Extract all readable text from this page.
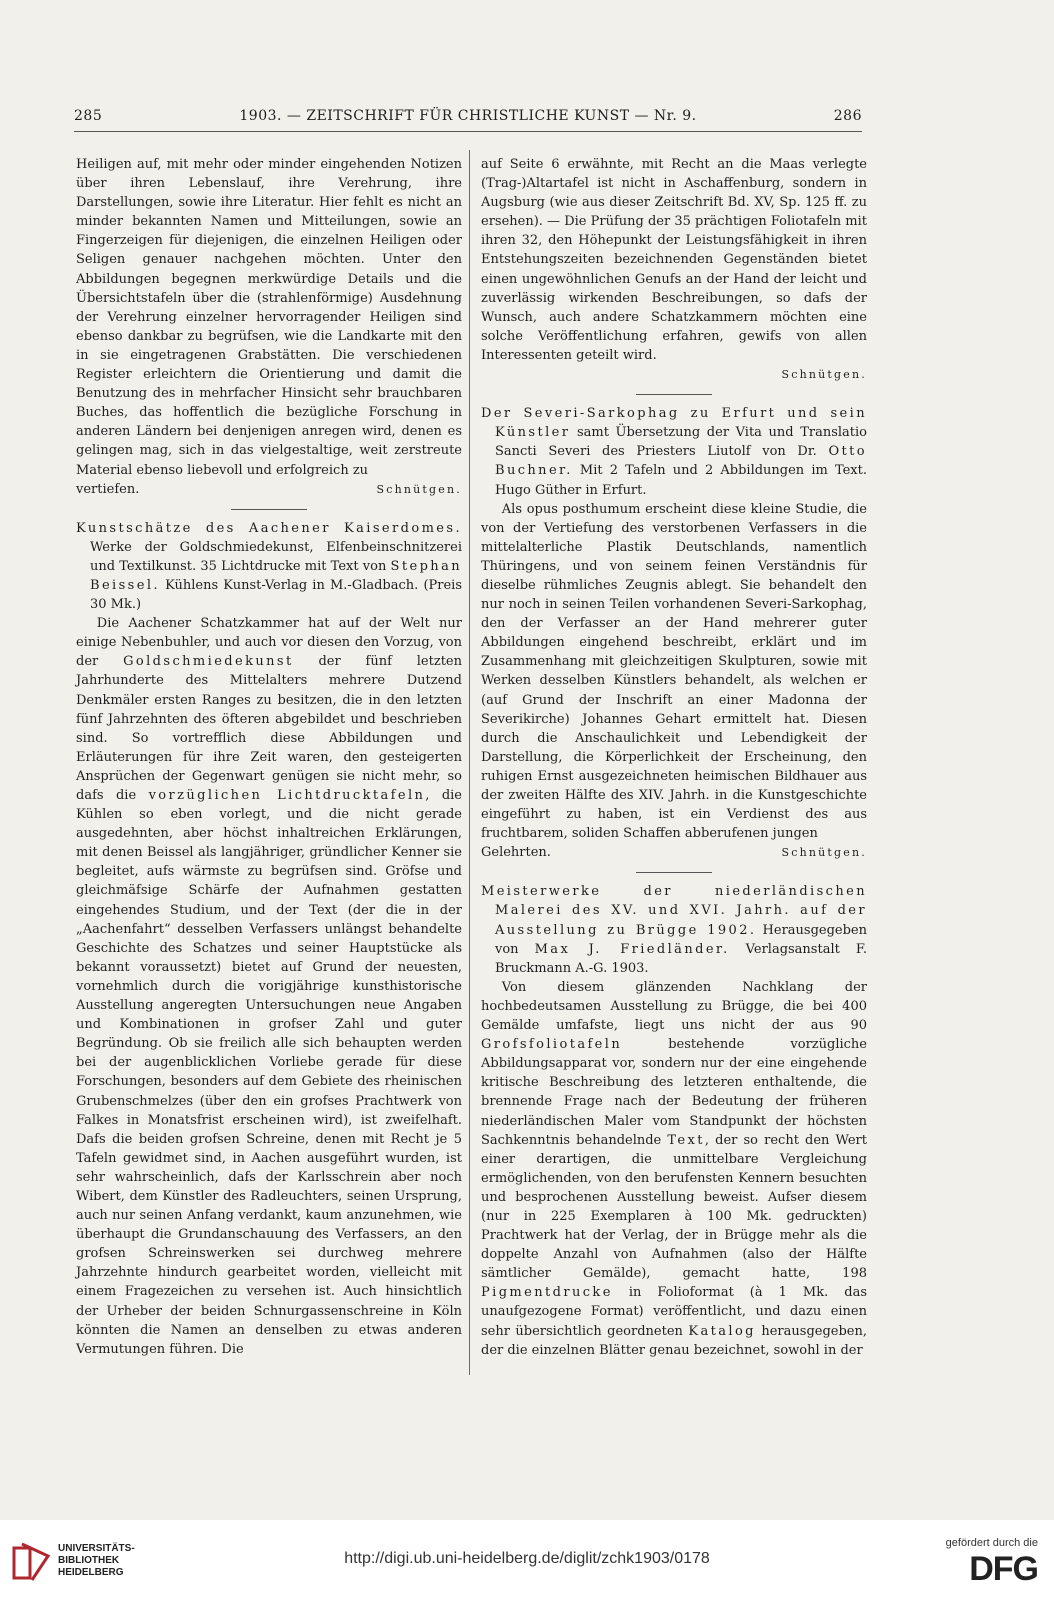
285	1903. — ZEITSCHRIFT FÜR CHRISTLICHE KUNST — Nr. 9.	286

Heiligen auf, mit mehr oder minder eingehenden Notizen über ihren Lebenslauf, ihre Verehrung, ihre Darstellungen, sowie ihre Literatur. Hier fehlt es nicht an minder bekannten Namen und Mitteilungen, sowie an Fingerzeigen für diejenigen, die einzelnen Heiligen oder Seligen genauer nachgehen möchten. Unter den Abbildungen begegnen merkwürdige Details und die Übersichtstafeln über die (strahlenförmige) Ausdehnung der Verehrung einzelner hervorragender Heiligen sind ebenso dankbar zu begrüfsen, wie die Landkarte mit den in sie eingetragenen Grabstätten. Die verschiedenen Register erleichtern die Orientierung und damit die Benutzung des in mehrfacher Hinsicht sehr brauchbaren Buches, das hoffentlich die bezügliche Forschung in anderen Ländern bei denjenigen anregen wird, denen es gelingen mag, sich in das vielgestaltige, weit zerstreute Material ebenso liebevoll und erfolgreich zu

vertiefen.	Schnütgen.

Kunstschätze des Aachener Kaiserdomes. Werke der Goldschmiedekunst, Elfenbeinschnitzerei und Textilkunst. 35 Lichtdrucke mit Text von Stephan Beissel. Kühlens Kunst-Verlag in M.-Gladbach. (Preis 30 Mk.)

Die Aachener Schatzkammer hat auf der Welt nur einige Nebenbuhler, und auch vor diesen den Vorzug, von der Goldschmiedekunst der fünf letzten Jahrhunderte des Mittelalters mehrere Dutzend Denkmäler ersten Ranges zu besitzen, die in den letzten fünf Jahrzehnten des öfteren abgebildet und beschrieben sind. So vortrefflich diese Abbildungen und Erläuterungen für ihre Zeit waren, den gesteigerten Ansprüchen der Gegenwart genügen sie nicht mehr, so dafs die vorzüglichen Lichtdrucktafeln, die Kühlen so eben vorlegt, und die nicht gerade ausgedehnten, aber höchst inhaltreichen Erklärungen, mit denen Beissel als langjähriger, gründlicher Kenner sie begleitet, aufs wärmste zu begrüfsen sind. Gröfse und gleichmäfsige Schärfe der Aufnahmen gestatten eingehendes Studium, und der Text (der die in der „Aachenfahrt“ desselben Verfassers unlängst behandelte Geschichte des Schatzes und seiner Hauptstücke als bekannt voraussetzt) bietet auf Grund der neuesten, vornehmlich durch die vorigjährige kunsthistorische Ausstellung angeregten Untersuchungen neue Angaben und Kombinationen in grofser Zahl und guter Begründung. Ob sie freilich alle sich behaupten werden bei der augenblicklichen Vorliebe gerade für diese Forschungen, besonders auf dem Gebiete des rheinischen Grubenschmelzes (über den ein grofses Prachtwerk von Falkes in Monatsfrist erscheinen wird), ist zweifelhaft. Dafs die beiden grofsen Schreine, denen mit Recht je 5 Tafeln gewidmet sind, in Aachen ausgeführt wurden, ist sehr wahrscheinlich, dafs der Karlsschrein aber noch Wibert, dem Künstler des Radleuchters, seinen Ursprung, auch nur seinen Anfang verdankt, kaum anzunehmen, wie überhaupt die Grundanschauung des Verfassers, an den grofsen Schreinswerken sei durchweg mehrere Jahrzehnte hindurch gearbeitet worden, vielleicht mit einem Fragezeichen zu versehen ist. Auch hinsichtlich der Urheber der beiden Schnurgassenschreine in Köln könnten die Namen an denselben zu etwas anderen Vermutungen führen. Die

auf Seite 6 erwähnte, mit Recht an die Maas verlegte (Trag-)Altartafel ist nicht in Aschaffenburg, sondern in Augsburg (wie aus dieser Zeitschrift Bd. XV, Sp. 125 ff. zu ersehen). — Die Prüfung der 35 prächtigen Foliotafeln mit ihren 32, den Höhepunkt der Leistungsfähigkeit in ihren Entstehungszeiten bezeichnenden Gegenständen bietet einen ungewöhnlichen Genufs an der Hand der leicht und zuverlässig wirkenden Beschreibungen, so dafs der Wunsch, auch andere Schatzkammern möchten eine solche Veröffentlichung erfahren, gewifs von allen Interessenten geteilt wird.

Schnütgen.

Der Severi-Sarkophag zu Erfurt und sein Künstler samt Übersetzung der Vita und Translatio Sancti Severi des Priesters Liutolf von Dr. Otto Buchner. Mit 2 Tafeln und 2 Abbildungen im Text. Hugo Güther in Erfurt.

Als opus posthumum erscheint diese kleine Studie, die von der Vertiefung des verstorbenen Verfassers in die mittelalterliche Plastik Deutschlands, namentlich Thüringens, und von seinem feinen Verständnis für dieselbe rühmliches Zeugnis ablegt. Sie behandelt den nur noch in seinen Teilen vorhandenen Severi-Sarkophag, den der Verfasser an der Hand mehrerer guter Abbildungen eingehend beschreibt, erklärt und im Zusammenhang mit gleichzeitigen Skulpturen, sowie mit Werken desselben Künstlers behandelt, als welchen er (auf Grund der Inschrift an einer Madonna der Severikirche) Johannes Gehart ermittelt hat. Diesen durch die Anschaulichkeit und Lebendigkeit der Darstellung, die Körperlichkeit der Erscheinung, den ruhigen Ernst ausgezeichneten heimischen Bildhauer aus der zweiten Hälfte des XIV. Jahrh. in die Kunstgeschichte eingeführt zu haben, ist ein Verdienst des aus fruchtbarem, soliden Schaffen abberufenen jungen

Gelehrten.	Schnütgen.

Meisterwerke der niederländischen Malerei des XV. und XVI. Jahrh. auf der Ausstellung zu Brügge 1902. Herausgegeben von Max J. Friedländer. Verlagsanstalt F. Bruckmann A.-G. 1903.

Von diesem glänzenden Nachklang der hochbedeutsamen Ausstellung zu Brügge, die bei 400 Gemälde umfafste, liegt uns nicht der aus 90 Grofsfoliotafeln bestehende vorzügliche Abbildungsapparat vor, sondern nur der eine eingehende kritische Beschreibung des letzteren enthaltende, die brennende Frage nach der Bedeutung der früheren niederländischen Maler vom Standpunkt der höchsten Sachkenntnis behandelnde Text, der so recht den Wert einer derartigen, die unmittelbare Vergleichung ermöglichenden, von den berufensten Kennern besuchten und besprochenen Ausstellung beweist. Aufser diesem (nur in 225 Exemplaren à 100 Mk. gedruckten) Prachtwerk hat der Verlag, der in Brügge mehr als die doppelte Anzahl von Aufnahmen (also der Hälfte sämtlicher Gemälde), gemacht hatte, 198 Pigmentdrucke in Folioformat (à 1 Mk. das unaufgezogene Format) veröffentlicht, und dazu einen sehr übersichtlich geordneten Katalog herausgegeben, der die einzelnen Blätter genau bezeichnet, sowohl in der

UNIVERSITÄTS-
BIBLIOTHEK
HEIDELBERG
http://digi.ub.uni-heidelberg.de/diglit/zchk1903/0178
gefördert durch die
DFG
